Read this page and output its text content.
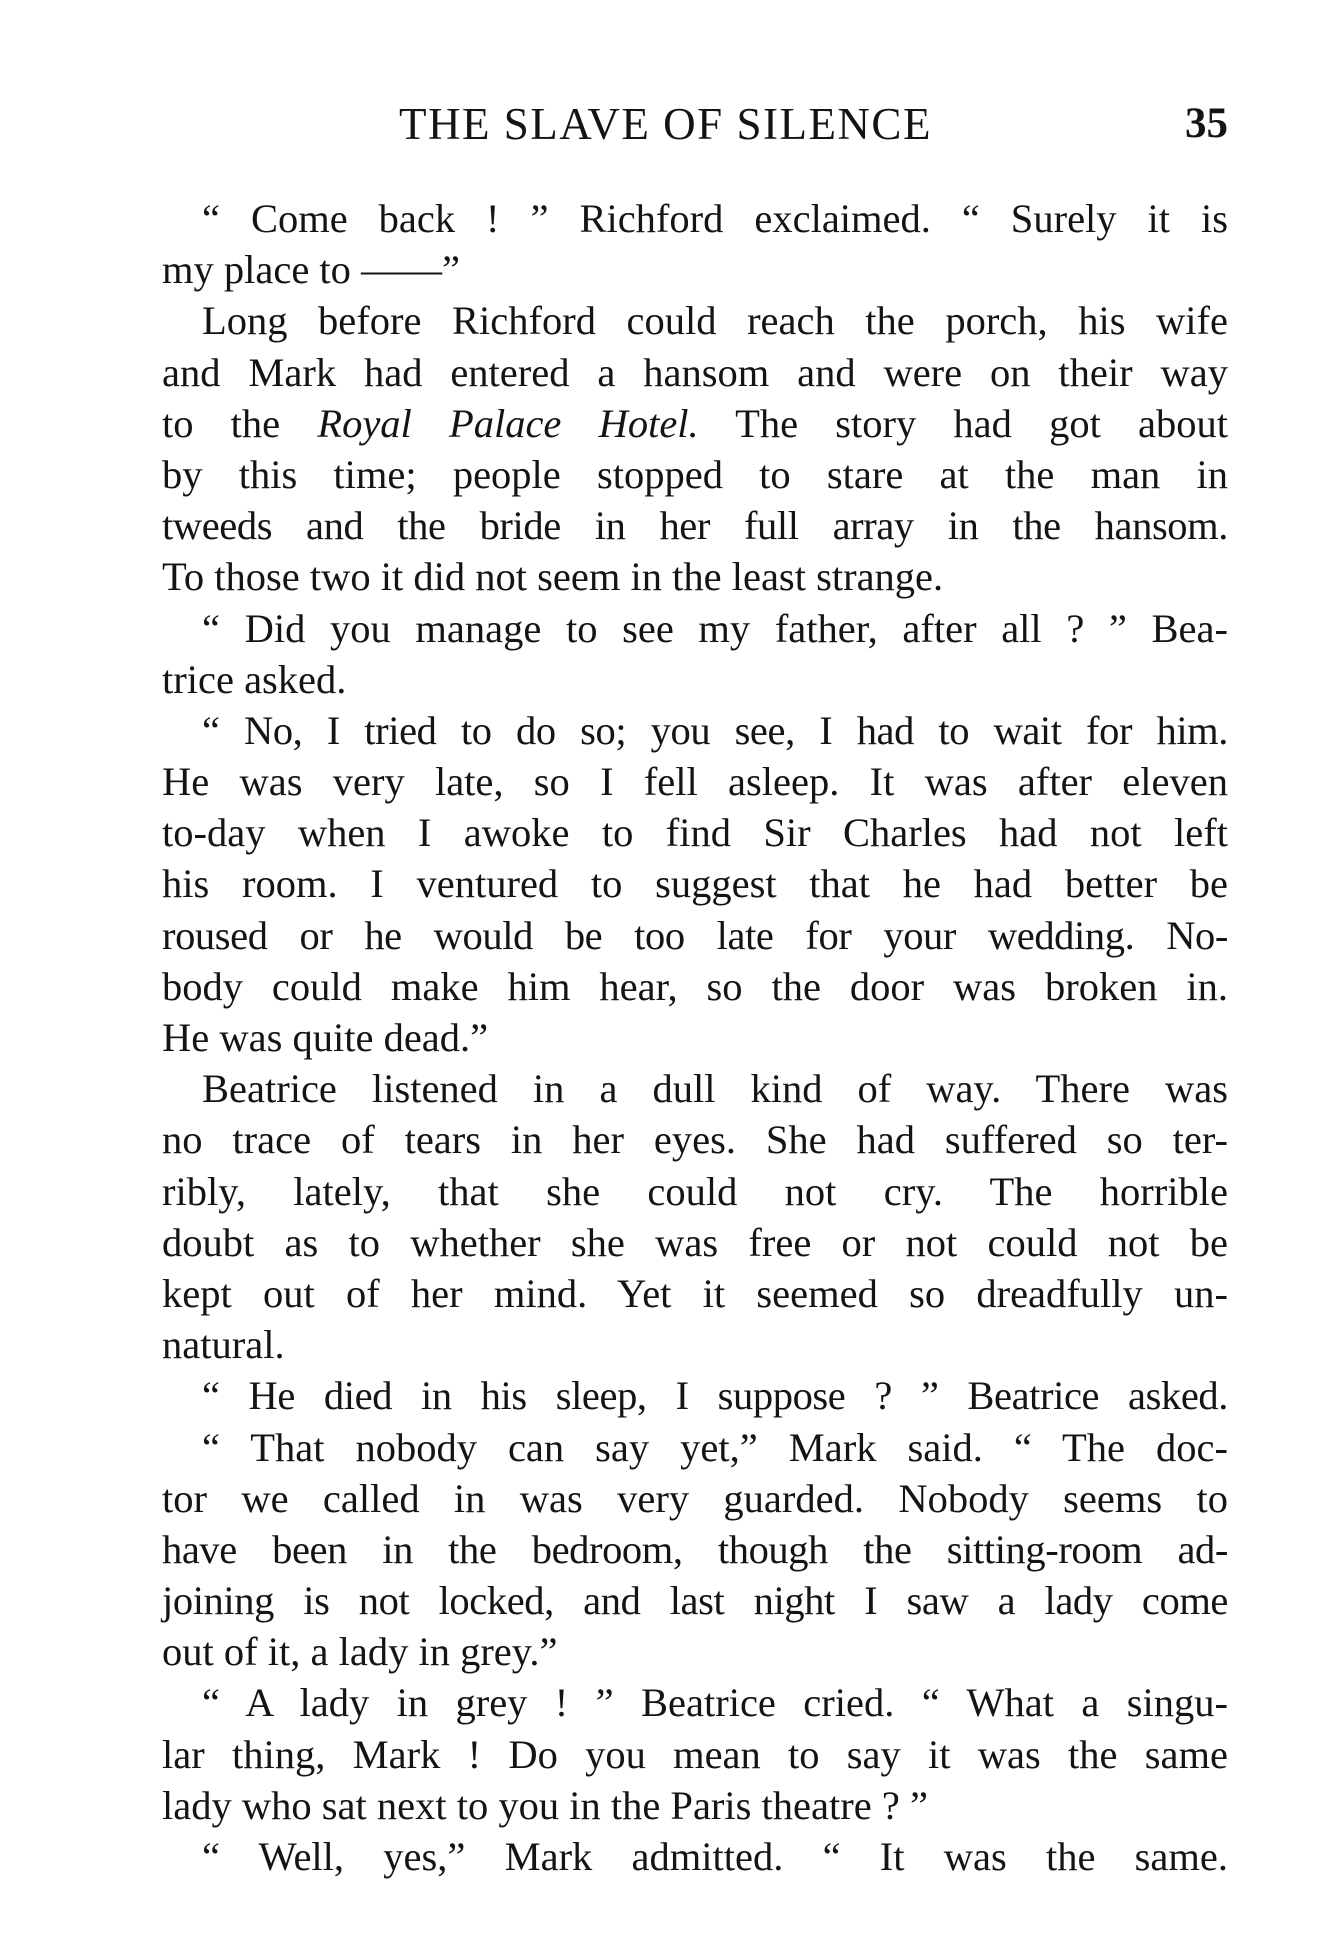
THE SLAVE OF SILENCE	35
“ Come back ! ” Richford exclaimed. “ Surely it is
my place to ——”
Long before Richford could reach the porch, his wife
and Mark had entered a hansom and were on their way
to the Royal Palace Hotel. The story had got about
by this time; people stopped to stare at the man in
tweeds and the bride in her full array in the hansom.
To those two it did not seem in the least strange.
“ Did you manage to see my father, after all ? ” Bea-
trice asked.
“ No, I tried to do so; you see, I had to wait for him.
He was very late, so I fell asleep. It was after eleven
to-day when I awoke to find Sir Charles had not left
his room. I ventured to suggest that he had better be
roused or he would be too late for your wedding. No-
body could make him hear, so the door was broken in.
He was quite dead.”
Beatrice listened in a dull kind of way. There was
no trace of tears in her eyes. She had suffered so ter-
ribly, lately, that she could not cry. The horrible
doubt as to whether she was free or not could not be
kept out of her mind. Yet it seemed so dreadfully un-
natural.
“ He died in his sleep, I suppose ? ” Beatrice asked.
“ That nobody can say yet,” Mark said. “ The doc-
tor we called in was very guarded. Nobody seems to
have been in the bedroom, though the sitting-room ad-
joining is not locked, and last night I saw a lady come
out of it, a lady in grey.”
“ A lady in grey ! ” Beatrice cried. “ What a singu-
lar thing, Mark ! Do you mean to say it was the same
lady who sat next to you in the Paris theatre ? ”
“ Well, yes,” Mark admitted. “ It was the same.
